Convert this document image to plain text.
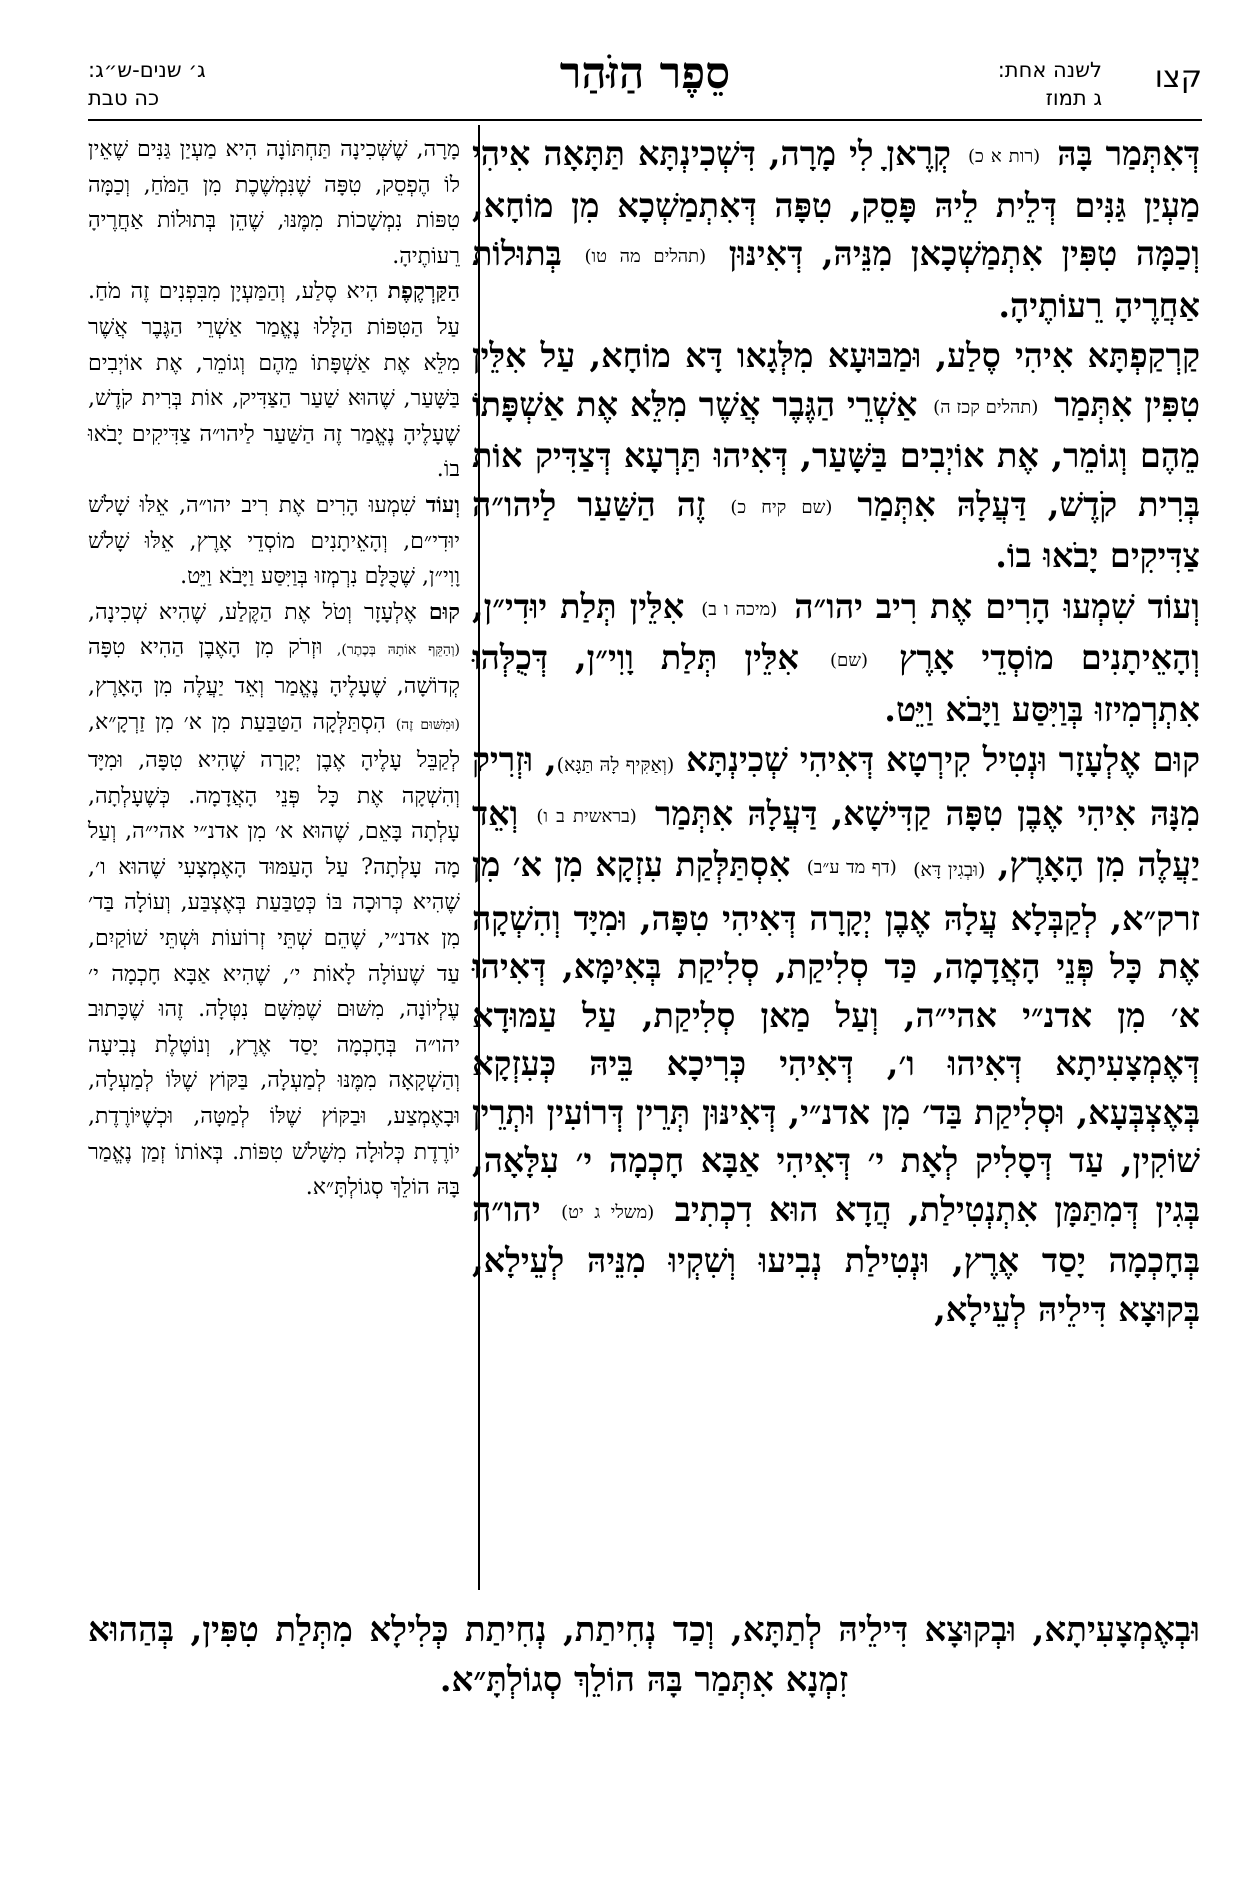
קצו
לשנה אחת:
ג תמוז
סֵפֶר הַזֹּהַר
ג׳ שנים-ש״ג:
כה טבת

דְּאִתְּמַר בָּהּ (רות א כ) קְרֶאןָ לִי מָרָה, דִּשְׁכִינְתָּא תַּתָּאָה אִיהִי מַעְיַן גַּנִּים דְּלֵית לֵיהּ פָּסֵק, טִפָּה דְּאִתְמַשְׁכָא מִן מוֹחָא, וְכַמָּה טִפִּין אִתְמַשְׁכָאן מִנֵּיהּ, דְּאִינּוּן (תהלים מה טו) בְּתוּלוֹת אַחֲרֶיהָ רֵעוֹתֶיהָ.

קַרְקַפְתָּא אִיהִי סֶלַע, וּמַבּוּעָא מִלְּגָאו דָּא מוֹחָא, עַל אִלֵּין טִפִּין אִתְּמַר (תהלים קכז ה) אַשְׁרֵי הַגֶּבֶר אֲשֶׁר מִלֵּא אֶת אַשְׁפָּתוֹ מֵהֶם וְגוֹמֵר, אֶת אוֹיְבִים בַּשָּׁעַר, דְּאִיהוּ תַּרְעָא דְּצַדִּיק אוֹת בְּרִית קֹדֶשׁ, דַּעֲלָהּ אִתְּמַר (שם קיח כ) זֶה הַשַּׁעַר לַיהו״ה צַדִּיקִים יָבֹאוּ בוֹ.

וְעוֹד שִׁמְעוּ הָרִים אֶת רִיב יהו״ה (מיכה ו ב) אִלֵּין תְּלַת יוּדִי״ן, וְהָאֵיתָנִים מוֹסְדֵי אָרֶץ (שם) אִלֵּין תְּלַת וָוִי״ן, דְּכֻלְּהוּ אִתְרְמִיזוּ בְּוַיִּסַּע וַיָּבֹא וַיֵּט.

קוּם אֶלְעָזָר וּנְטִיל קִירְטָא דְּאִיהִי שְׁכִינְתָּא (וְאַקִּיף לָהּ תַּגָּא), וּזְרִיק מִנָּהּ אִיהִי אֶבֶן טִפָּה קַדִּישָׁא, דַּעֲלָהּ אִתְּמַר (בראשית ב ו) וְאֵד יַעֲלֶה מִן הָאָרֶץ, (וּבְגִין דָּא) (דף מד ע״ב) אִסְתַּלְּקַת עִזְקָא מִן א׳ מִן זרק״א, לְקַבְּלָא עֲלָהּ אֶבֶן יְקָרָה דְּאִיהִי טִפָּה, וּמִיָּד וְהִשְׁקָה אֶת כָּל פְּנֵי הָאֲדָמָה, כַּד סְלִיקַת, סְלִיקַת בְּאִימָּא, דְּאִיהוּ א׳ מִן אדנ״י אהי״ה, וְעַל מַאן סְלִיקַת, עַל עַמּוּדָא דְּאֶמְצָעִיתָא דְּאִיהוּ ו׳, דְּאִיהִי כְּרִיכָא בֵּיהּ כְּעִזְקָא בְּאֶצְבְּעָא, וּסְלִיקַת בַּד׳ מִן אדנ״י, דְּאִינּוּן תְּרֵין דְּרוֹעִין וּתְרֵין שׁוֹקִין, עַד דְּסָלִיק לְאָת י׳ דְּאִיהִי אַבָּא חָכְמָה י׳ עִלָּאָה, בְּגִין דְּמִתַּמָּן אִתְנְטִילַת, הֲדָא הוּא דִכְתִיב (משלי ג יט) יהו״ה בְּחָכְמָה יָסַד אֶרֶץ, וּנְטִילַת נְבִיעוּ וְשִׁקְיוּ מִנֵּיהּ לְעֵילָא, בְּקוּצָא דִּילֵיהּ לְעֵילָא,

מָרָה, שֶׁשְּׁכִינָה תַּחְתּוֹנָה הִיא מַעְיַן גַּנִּים שֶׁאֵין לוֹ הֶפְסֵק, טִפָּה שֶׁנִּמְשֶׁכֶת מִן הַמֹּחַ, וְכַמָּה טִפּוֹת נִמְשָׁכוֹת מִמֶּנּוּ, שֶׁהֵן בְּתוּלוֹת אַחֲרֶיהָ רֵעוֹתֶיהָ.

הַקַּרְקֶפֶת הִיא סֶלַע, וְהַמַּעְיָן מִבִּפְנִים זֶה מֹחַ. עַל הַטִּפּוֹת הַלָּלוּ נֶאֱמַר אַשְׁרֵי הַגֶּבֶר אֲשֶׁר מִלֵּא אֶת אַשְׁפָּתוֹ מֵהֶם וְגוֹמֵר, אֶת אוֹיְבִים בַּשָּׁעַר, שֶׁהוּא שַׁעַר הַצַּדִּיק, אוֹת בְּרִית קֹדֶשׁ, שֶׁעָלֶיהָ נֶאֱמַר זֶה הַשַּׁעַר לַיהו״ה צַדִּיקִים יָבֹאוּ בוֹ.

וְעוֹד שִׁמְעוּ הָרִים אֶת רִיב יהו״ה, אֵלּוּ שָׁלֹשׁ יוּדִי״ם, וְהָאֵיתָנִים מוֹסְדֵי אָרֶץ, אֵלּוּ שָׁלֹשׁ וָוִי״ן, שֶׁכֻּלָּם נִרְמְזוּ בְּוַיִּסַּע וַיָּבֹא וַיֵּט.

קוּם אֶלְעָזָר וְטֹל אֶת הַקֶּלַע, שֶׁהִיא שְׁכִינָה, (וְהַקֵּף אוֹתָהּ בְּכֶתֶר), וּזְרֹק מִן הָאֶבֶן הַהִיא טִפָּה קְדוֹשָׁה, שֶׁעָלֶיהָ נֶאֱמַר וְאֵד יַעֲלֶה מִן הָאָרֶץ, (וּמִשּׁוּם זֶה) הִסְתַּלְּקָה הַטַּבַּעַת מִן א׳ מִן זַרְקָ״א, לְקַבֵּל עָלֶיהָ אֶבֶן יְקָרָה שֶׁהִיא טִפָּה, וּמִיָּד וְהִשְׁקָה אֶת כָּל פְּנֵי הָאֲדָמָה. כְּשֶׁעָלְתָה, עָלְתָה בָּאֵם, שֶׁהוּא א׳ מִן אדנ״י אהי״ה, וְעַל מָה עָלְתָה? עַל הָעַמּוּד הָאֶמְצָעִי שֶׁהוּא ו׳, שֶׁהִיא כְּרוּכָה בּוֹ כְּטַבַּעַת בְּאֶצְבַּע, וְעוֹלָה בַּד׳ מִן אדנ״י, שֶׁהֵם שְׁתֵּי זְרוֹעוֹת וּשְׁתֵּי שׁוֹקַיִם, עַד שֶׁעוֹלָה לָאוֹת י׳, שֶׁהִיא אַבָּא חָכְמָה י׳ עֶלְיוֹנָה, מִשּׁוּם שֶׁמִּשָּׁם נִטְּלָה. זֶהוּ שֶׁכָּתוּב יהו״ה בְּחָכְמָה יָסַד אֶרֶץ, וְנוֹטֶלֶת נְבִיעָה וְהַשְׁקָאָה מִמֶּנּוּ לְמַעְלָה, בַּקּוֹץ שֶׁלּוֹ לְמַעְלָה, וּבָאֶמְצַע, וּבַקּוֹץ שֶׁלּוֹ לְמַטָּה, וּכְשֶׁיּוֹרֶדֶת, יוֹרֶדֶת כְּלוּלָה מִשָּׁלֹשׁ טִפּוֹת. בְּאוֹתוֹ זְמַן נֶאֱמַר בָּהּ הוֹלֵךְ סְגוֹלְתָּ״א.

וּבְאֶמְצָעִיתָא, וּבְקוּצָא דִּילֵיהּ לְתַתָּא, וְכַד נְחִיתַת, נְחִיתַת כְּלִילָא מִתְּלַת טִפִּין, בְּהַהוּא זִמְנָא אִתְּמַר בָּהּ הוֹלֵךְ סְגוֹלְתָּ״א.
